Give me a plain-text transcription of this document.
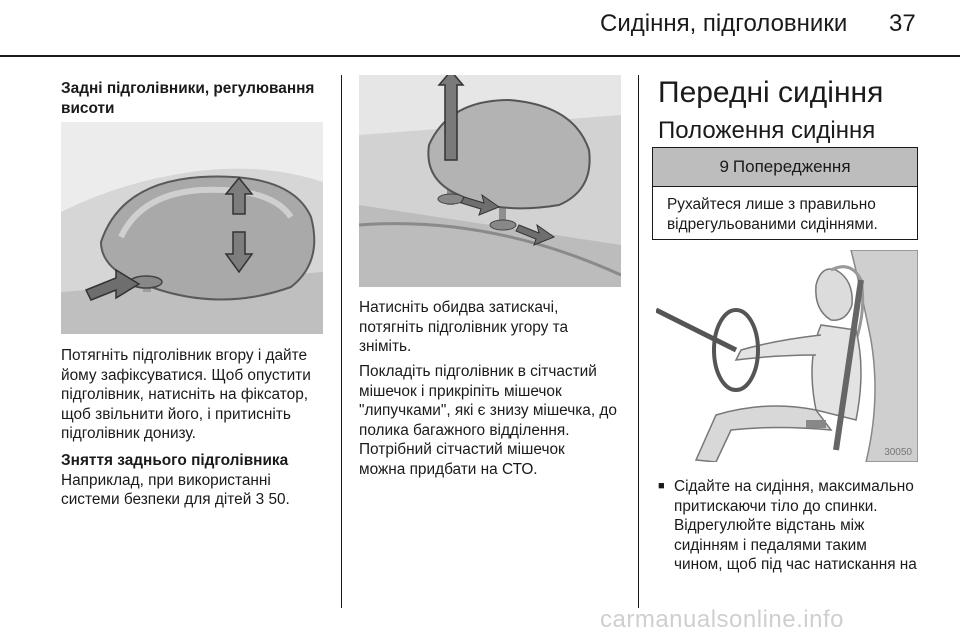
Сидіння, підголовники 37
Задні підголівники, регулювання
висоти
Потягніть підголівник вгору і дайте
йому зафіксуватися. Щоб опустити
підголівник, натисніть на фіксатор,
щоб звільнити його, і притисніть
підголівник донизу.
Зняття заднього підголівника
Наприклад, при використанні
системи безпеки для дітей 3 50.
Натисніть обидва затискачі,
потягніть підголівник угору та
зніміть.
Покладіть підголівник в сітчастий
мішечок і прикріпіть мішечок
"липучками", які є знизу мішечка, до
полика багажного відділення.
Потрібний сітчастий мішечок
можна придбати на СТО.
Передні сидіння
Положення сидіння
9 Попередження
Рухайтеся лише з правильно
відрегульованими сидіннями.
30050
■ Сідайте на сидіння, максимально
притискаючи тіло до спинки.
Відрегулюйте відстань між
сидінням і педалями таким
чином, щоб під час натискання на
carmanualsonline.info
